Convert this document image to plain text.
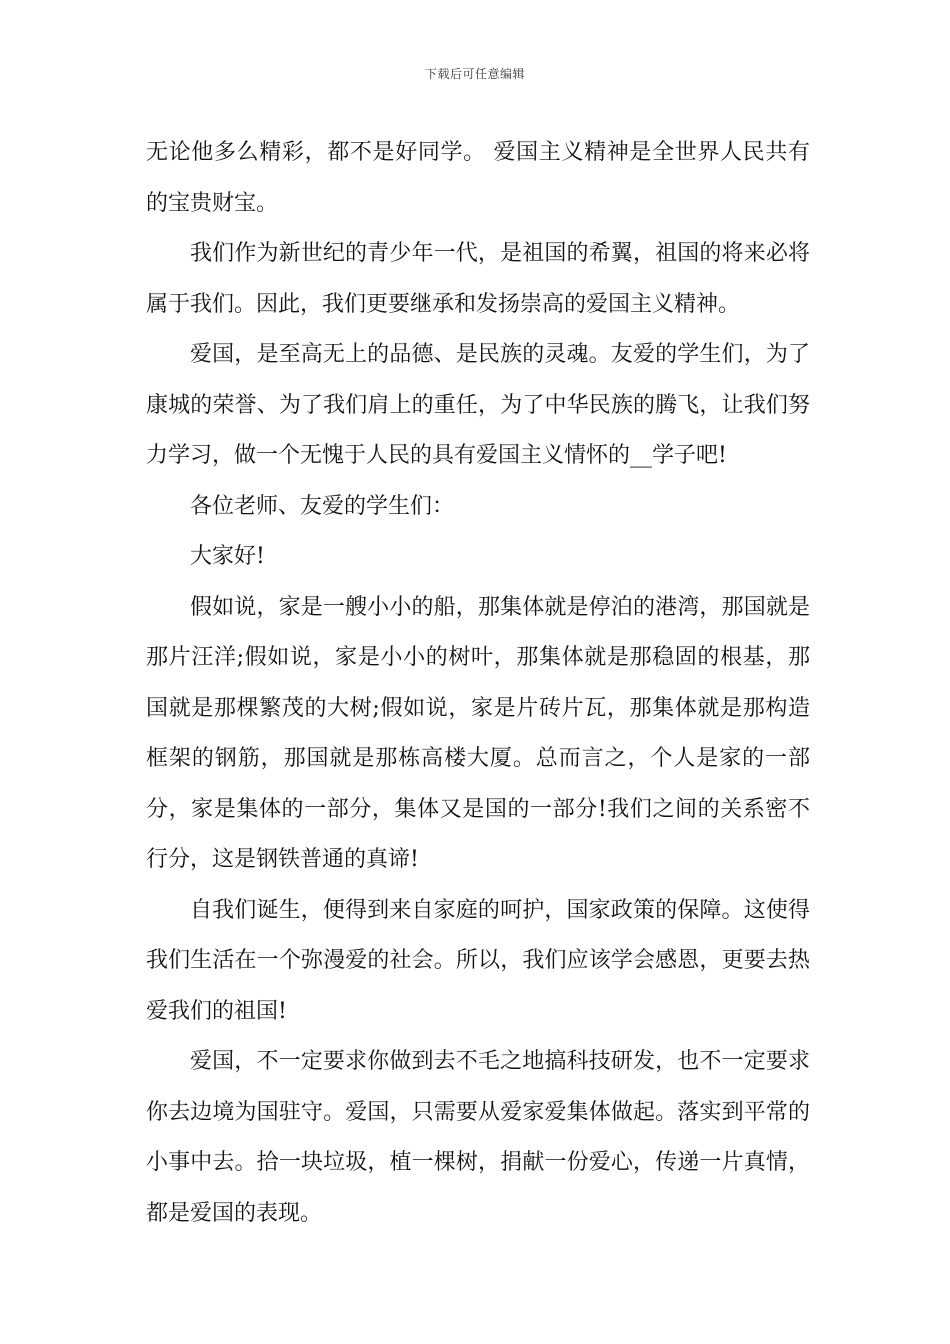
下载后可任意编辑

无论他多么精彩，都不是好同学。 爱国主义精神是全世界人民共有的宝贵财宝。

我们作为新世纪的青少年一代，是祖国的希翼，祖国的将来必将属于我们。因此，我们更要继承和发扬崇高的爱国主义精神。

爱国，是至高无上的品德、是民族的灵魂。友爱的学生们，为了康城的荣誉、为了我们肩上的重任，为了中华民族的腾飞，让我们努力学习，做一个无愧于人民的具有爱国主义情怀的__学子吧!

各位老师、友爱的学生们：

大家好!

假如说，家是一艘小小的船，那集体就是停泊的港湾，那国就是那片汪洋;假如说，家是小小的树叶，那集体就是那稳固的根基，那国就是那棵繁茂的大树;假如说，家是片砖片瓦，那集体就是那构造框架的钢筋，那国就是那栋高楼大厦。总而言之，个人是家的一部分，家是集体的一部分，集体又是国的一部分!我们之间的关系密不行分，这是钢铁普通的真谛!

自我们诞生，便得到来自家庭的呵护，国家政策的保障。这使得我们生活在一个弥漫爱的社会。所以，我们应该学会感恩，更要去热爱我们的祖国!

爱国，不一定要求你做到去不毛之地搞科技研发，也不一定要求你去边境为国驻守。爱国，只需要从爱家爱集体做起。落实到平常的小事中去。拾一块垃圾，植一棵树，捐献一份爱心，传递一片真情，都是爱国的表现。
